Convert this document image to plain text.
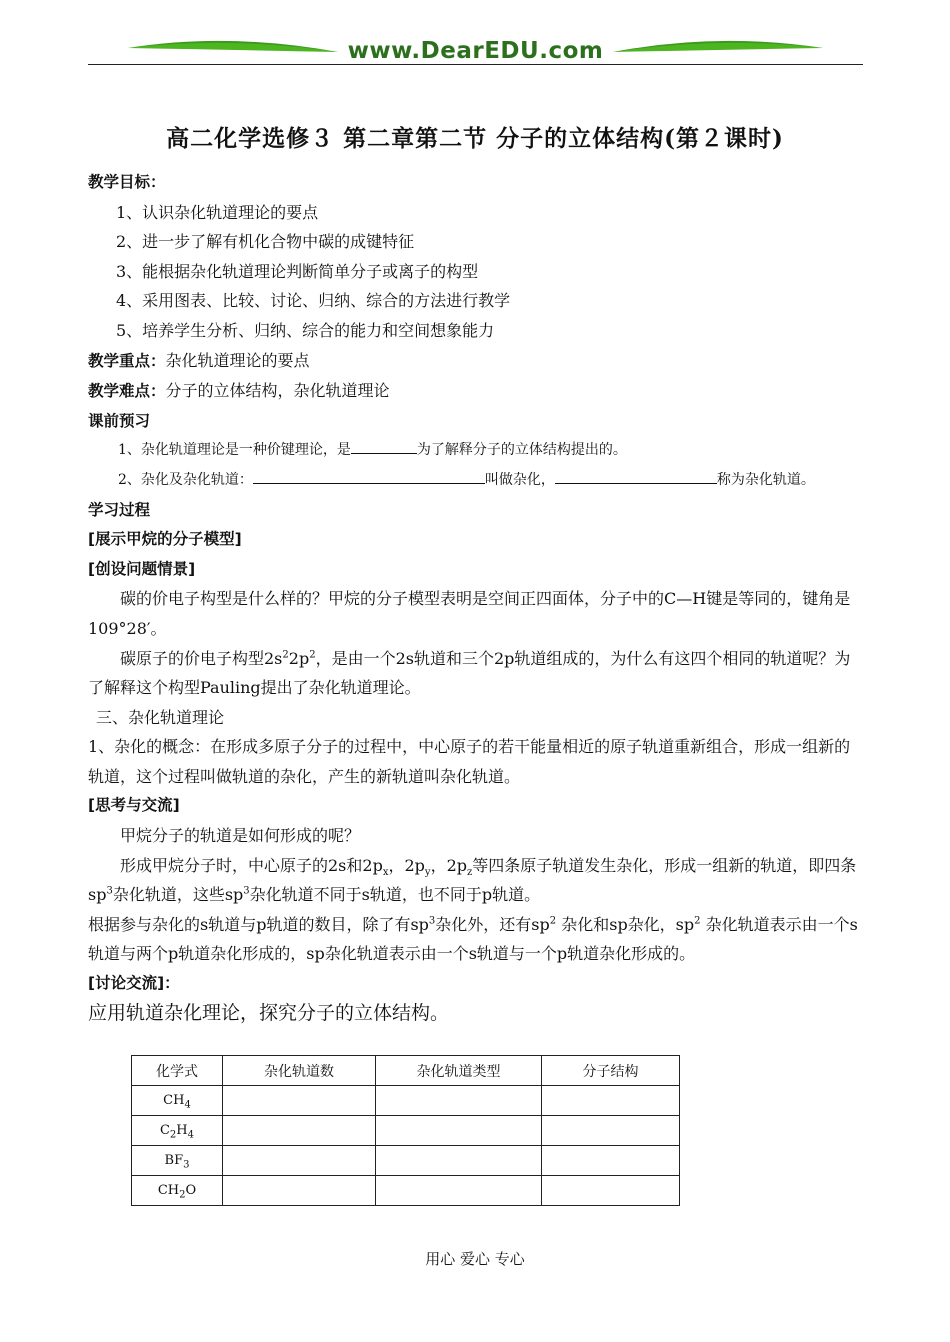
www.DearEDU.com
高二化学选修３ 第二章第二节 分子的立体结构(第２课时)

教学目标：

1、认识杂化轨道理论的要点

2、进一步了解有机化合物中碳的成键特征

3、能根据杂化轨道理论判断简单分子或离子的构型

4、采用图表、比较、讨论、归纳、综合的方法进行教学

5、培养学生分析、归纳、综合的能力和空间想象能力

教学重点：杂化轨道理论的要点

教学难点：分子的立体结构，杂化轨道理论

课前预习

1、杂化轨道理论是一种价键理论，是	为了解释分子的立体结构提出的。

2、杂化及杂化轨道：	叫做杂化，	称为杂化轨道。

学习过程

[展示甲烷的分子模型]

[创设问题情景]

碳的价电子构型是什么样的？甲烷的分子模型表明是空间正四面体，分子中的C—H键是等同的，键角是109°28′。

碳原子的价电子构型$2s^22p^2$，是由一个2s轨道和三个2p轨道组成的，为什么有这四个相同的轨道呢？为了解释这个构型Pauling提出了杂化轨道理论。

三、杂化轨道理论

1、杂化的概念：在形成多原子分子的过程中，中心原子的若干能量相近的原子轨道重新组合，形成一组新的轨道，这个过程叫做轨道的杂化，产生的新轨道叫杂化轨道。

[思考与交流]

甲烷分子的轨道是如何形成的呢？

形成甲烷分子时，中心原子的2s和$2p_x$，$2p_y$，$2p_z$等四条原子轨道发生杂化，形成一组新的轨道，即四条$sp^3$杂化轨道，这些$sp^3$杂化轨道不同于s轨道，也不同于p轨道。

根据参与杂化的s轨道与p轨道的数目，除了有$sp^3$杂化外，还有$sp^2$ 杂化和sp杂化，$sp^2$ 杂化轨道表示由一个s轨道与两个p轨道杂化形成的，sp杂化轨道表示由一个s轨道与一个p轨道杂化形成的。

[讨论交流]：

应用轨道杂化理论，探究分子的立体结构。

化学式	杂化轨道数	杂化轨道类型	分子结构
$CH_4$			
$C_2H_4$			
$BF_3$			
$CH_2O$			
用心 爱心 专心
